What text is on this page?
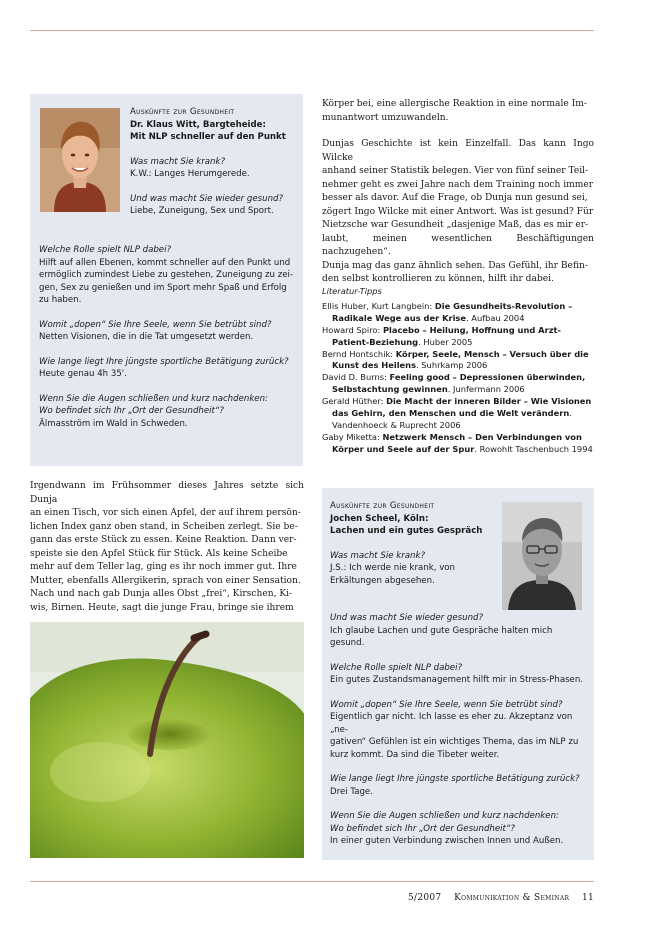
Auskünfte zur Gesundheit

Dr. Klaus Witt, Bargteheide:

Mit NLP schneller auf den Punkt

Was macht Sie krank?

K.W.: Langes Herumgerede.

Und was macht Sie wieder gesund?

Liebe, Zuneigung, Sex und Sport.

Welche Rolle spielt NLP dabei?

Hilft auf allen Ebenen, kommt schneller auf den Punkt und

ermöglich zumindest Liebe zu gestehen, Zuneigung zu zei-

gen, Sex zu genießen und im Sport mehr Spaß und Erfolg

zu haben.

Womit „dopen“ Sie Ihre Seele, wenn Sie betrübt sind?

Netten Visionen, die in die Tat umgesetzt werden.

Wie lange liegt Ihre jüngste sportliche Betätigung zurück?

Heute genau 4h 35'.

Wenn Sie die Augen schließen und kurz nachdenken:

Wo befindet sich Ihr „Ort der Gesundheit“?

Älmasström im Wald in Schweden.

Irgendwann im Frühsommer dieses Jahres setzte sich Dunja

an einen Tisch, vor sich einen Apfel, der auf ihrem persön-

lichen Index ganz oben stand, in Scheiben zerlegt. Sie be-

gann das erste Stück zu essen. Keine Reaktion. Dann ver-

speiste sie den Apfel Stück für Stück. Als keine Scheibe

mehr auf dem Teller lag, ging es ihr noch immer gut. Ihre

Mutter, ebenfalls Allergikerin, sprach von einer Sensation.

Nach und nach gab Dunja alles Obst „frei“, Kirschen, Ki-

wis, Birnen. Heute, sagt die junge Frau, bringe sie ihrem

Körper bei, eine allergische Reaktion in eine normale Im-

munantwort umzuwandeln.

Dunjas Geschichte ist kein Einzelfall. Das kann Ingo Wilcke

anhand seiner Statistik belegen. Vier von fünf seiner Teil-

nehmer geht es zwei Jahre nach dem Training noch immer

besser als davor. Auf die Frage, ob Dunja nun gesund sei,

zögert Ingo Wilcke mit einer Antwort. Was ist gesund? Für

Nietzsche war Gesundheit „dasjenige Maß, das es mir er-

laubt, meinen wesentlichen Beschäftigungen nachzugehen“.

Dunja mag das ganz ähnlich sehen. Das Gefühl, ihr Befin-

den selbst kontrollieren zu können, hilft ihr dabei.

Literatur-Tipps

Ellis Huber, Kurt Langbein: Die Gesundheits-Revolution – Radikale Wege aus der Krise. Aufbau 2004
Howard Spiro: Placebo – Heilung, Hoffnung und Arzt-Patient-Beziehung. Huber 2005
Bernd Hontschik: Körper, Seele, Mensch – Versuch über die Kunst des Heilens. Suhrkamp 2006
David D. Burns: Feeling good – Depressionen überwinden, Selbstachtung gewinnen. Junfermann 2006
Gerald Hüther: Die Macht der inneren Bilder – Wie Visionen das Gehirn, den Menschen und die Welt verändern. Vandenhoeck & Ruprecht 2006
Gaby Miketta: Netzwerk Mensch – Den Verbindungen von Körper und Seele auf der Spur. Rowohlt Taschenbuch 1994

Auskünfte zur Gesundheit

Jochen Scheel, Köln:

Lachen und ein gutes Gespräch

Was macht Sie krank?

J.S.: Ich werde nie krank, von

Erkältungen abgesehen.

Und was macht Sie wieder gesund?

Ich glaube Lachen und gute Gespräche halten mich gesund.

Welche Rolle spielt NLP dabei?

Ein gutes Zustandsmanagement hilft mir in Stress-Phasen.

Womit „dopen“ Sie Ihre Seele, wenn Sie betrübt sind?

Eigentlich gar nicht. Ich lasse es eher zu. Akzeptanz von „ne-

gativen“ Gefühlen ist ein wichtiges Thema, das im NLP zu

kurz kommt. Da sind die Tibeter weiter.

Wie lange liegt Ihre jüngste sportliche Betätigung zurück?

Drei Tage.

Wenn Sie die Augen schließen und kurz nachdenken:

Wo befindet sich Ihr „Ort der Gesundheit“?

In einer guten Verbindung zwischen Innen und Außen.

5/2007 Kommunikation & Seminar 11
